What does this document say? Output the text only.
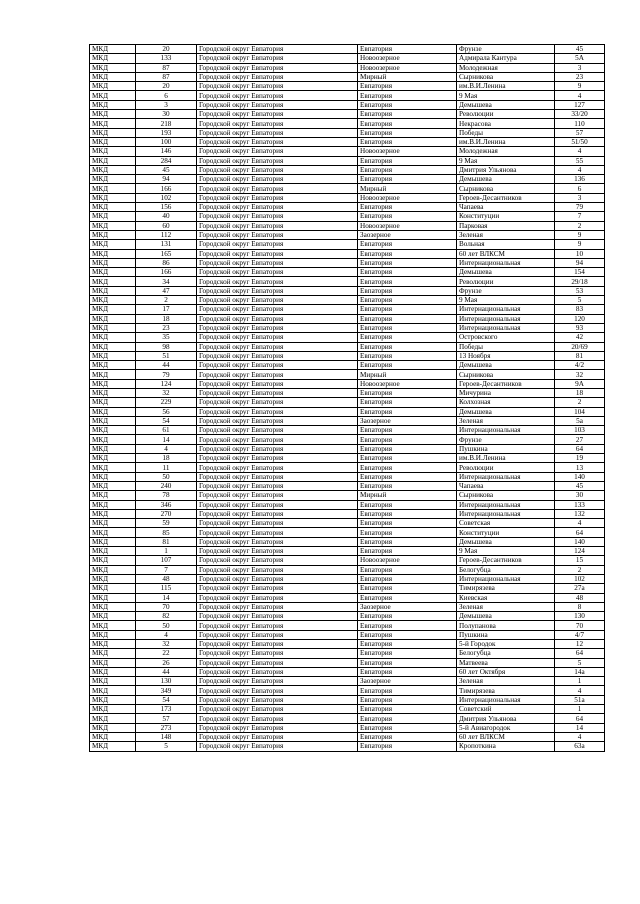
МКД	20	Городской округ Евпатория	Евпатория	Фрунзе	45
МКД	133	Городской округ Евпатория	Новоозерное	Адмирала Кантура	5А
МКД	87	Городской округ Евпатория	Новоозерное	Молодежная	3
МКД	87	Городской округ Евпатория	Мирный	Сырникова	23
МКД	20	Городской округ Евпатория	Евпатория	им.В.И.Ленина	9
МКД	6	Городской округ Евпатория	Евпатория	9 Мая	4
МКД	3	Городской округ Евпатория	Евпатория	Демышева	127
МКД	30	Городской округ Евпатория	Евпатория	Революции	33/20
МКД	218	Городской округ Евпатория	Евпатория	Некрасова	110
МКД	193	Городской округ Евпатория	Евпатория	Победы	57
МКД	100	Городской округ Евпатория	Евпатория	им.В.И.Ленина	51/50
МКД	146	Городской округ Евпатория	Новоозерное	Молодежная	4
МКД	284	Городской округ Евпатория	Евпатория	9 Мая	55
МКД	45	Городской округ Евпатория	Евпатория	Дмитрия Ульянова	4
МКД	94	Городской округ Евпатория	Евпатория	Демышева	136
МКД	166	Городской округ Евпатория	Мирный	Сырникова	6
МКД	102	Городской округ Евпатория	Новоозерное	Героев-Десантников	3
МКД	156	Городской округ Евпатория	Евпатория	Чапаева	79
МКД	40	Городской округ Евпатория	Евпатория	Конституции	7
МКД	60	Городской округ Евпатория	Новоозерное	Парковая	2
МКД	112	Городской округ Евпатория	Заозерное	Зеленая	9
МКД	131	Городской округ Евпатория	Евпатория	Вольная	9
МКД	165	Городской округ Евпатория	Евпатория	60 лет ВЛКСМ	10
МКД	86	Городской округ Евпатория	Евпатория	Интернациональная	94
МКД	166	Городской округ Евпатория	Евпатория	Демышева	154
МКД	34	Городской округ Евпатория	Евпатория	Революции	29/18
МКД	47	Городской округ Евпатория	Евпатория	Фрунзе	53
МКД	2	Городской округ Евпатория	Евпатория	9 Мая	5
МКД	17	Городской округ Евпатория	Евпатория	Интернациональная	83
МКД	18	Городской округ Евпатория	Евпатория	Интернациональная	120
МКД	23	Городской округ Евпатория	Евпатория	Интернациональная	93
МКД	35	Городской округ Евпатория	Евпатория	Островского	42
МКД	98	Городской округ Евпатория	Евпатория	Победы	20/69
МКД	51	Городской округ Евпатория	Евпатория	13 Ноября	81
МКД	44	Городской округ Евпатория	Евпатория	Демышева	4/2
МКД	79	Городской округ Евпатория	Мирный	Сырникова	32
МКД	124	Городской округ Евпатория	Новоозерное	Героев-Десантников	9А
МКД	32	Городской округ Евпатория	Евпатория	Мичурина	18
МКД	229	Городской округ Евпатория	Евпатория	Колхозная	2
МКД	56	Городской округ Евпатория	Евпатория	Демышева	104
МКД	54	Городской округ Евпатория	Заозерное	Зеленая	5а
МКД	61	Городской округ Евпатория	Евпатория	Интернациональная	103
МКД	14	Городской округ Евпатория	Евпатория	Фрунзе	27
МКД	4	Городской округ Евпатория	Евпатория	Пушкина	64
МКД	18	Городской округ Евпатория	Евпатория	им.В.И.Ленина	19
МКД	11	Городской округ Евпатория	Евпатория	Революции	13
МКД	50	Городской округ Евпатория	Евпатория	Интернациональная	140
МКД	240	Городской округ Евпатория	Евпатория	Чапаева	45
МКД	78	Городской округ Евпатория	Мирный	Сырникова	30
МКД	346	Городской округ Евпатория	Евпатория	Интернациональная	133
МКД	270	Городской округ Евпатория	Евпатория	Интернациональная	132
МКД	59	Городской округ Евпатория	Евпатория	Советская	4
МКД	85	Городской округ Евпатория	Евпатория	Конституции	64
МКД	81	Городской округ Евпатория	Евпатория	Демышева	140
МКД	1	Городской округ Евпатория	Евпатория	9 Мая	124
МКД	107	Городской округ Евпатория	Новоозерное	Героев-Десантников	15
МКД	7	Городской округ Евпатория	Евпатория	Белогубца	2
МКД	48	Городской округ Евпатория	Евпатория	Интернациональная	102
МКД	115	Городской округ Евпатория	Евпатория	Тимирязева	27а
МКД	14	Городской округ Евпатория	Евпатория	Киевская	48
МКД	70	Городской округ Евпатория	Заозерное	Зеленая	8
МКД	82	Городской округ Евпатория	Евпатория	Демышева	130
МКД	50	Городской округ Евпатория	Евпатория	Полупанова	70
МКД	4	Городской округ Евпатория	Евпатория	Пушкина	4/7
МКД	32	Городской округ Евпатория	Евпатория	5-й Городок	12
МКД	22	Городской округ Евпатория	Евпатория	Белогубца	64
МКД	26	Городской округ Евпатория	Евпатория	Матвеева	5
МКД	44	Городской округ Евпатория	Евпатория	60 лет Октября	14а
МКД	130	Городской округ Евпатория	Заозерное	Зеленая	1
МКД	349	Городской округ Евпатория	Евпатория	Тимирязева	4
МКД	54	Городской округ Евпатория	Евпатория	Интернациональная	51а
МКД	173	Городской округ Евпатория	Евпатория	Советский	1
МКД	57	Городской округ Евпатория	Евпатория	Дмитрия Ульянова	64
МКД	273	Городской округ Евпатория	Евпатория	5-й Авиагородок	14
МКД	148	Городской округ Евпатория	Евпатория	60 лет ВЛКСМ	4
МКД	5	Городской округ Евпатория	Евпатория	Кропоткина	63а
